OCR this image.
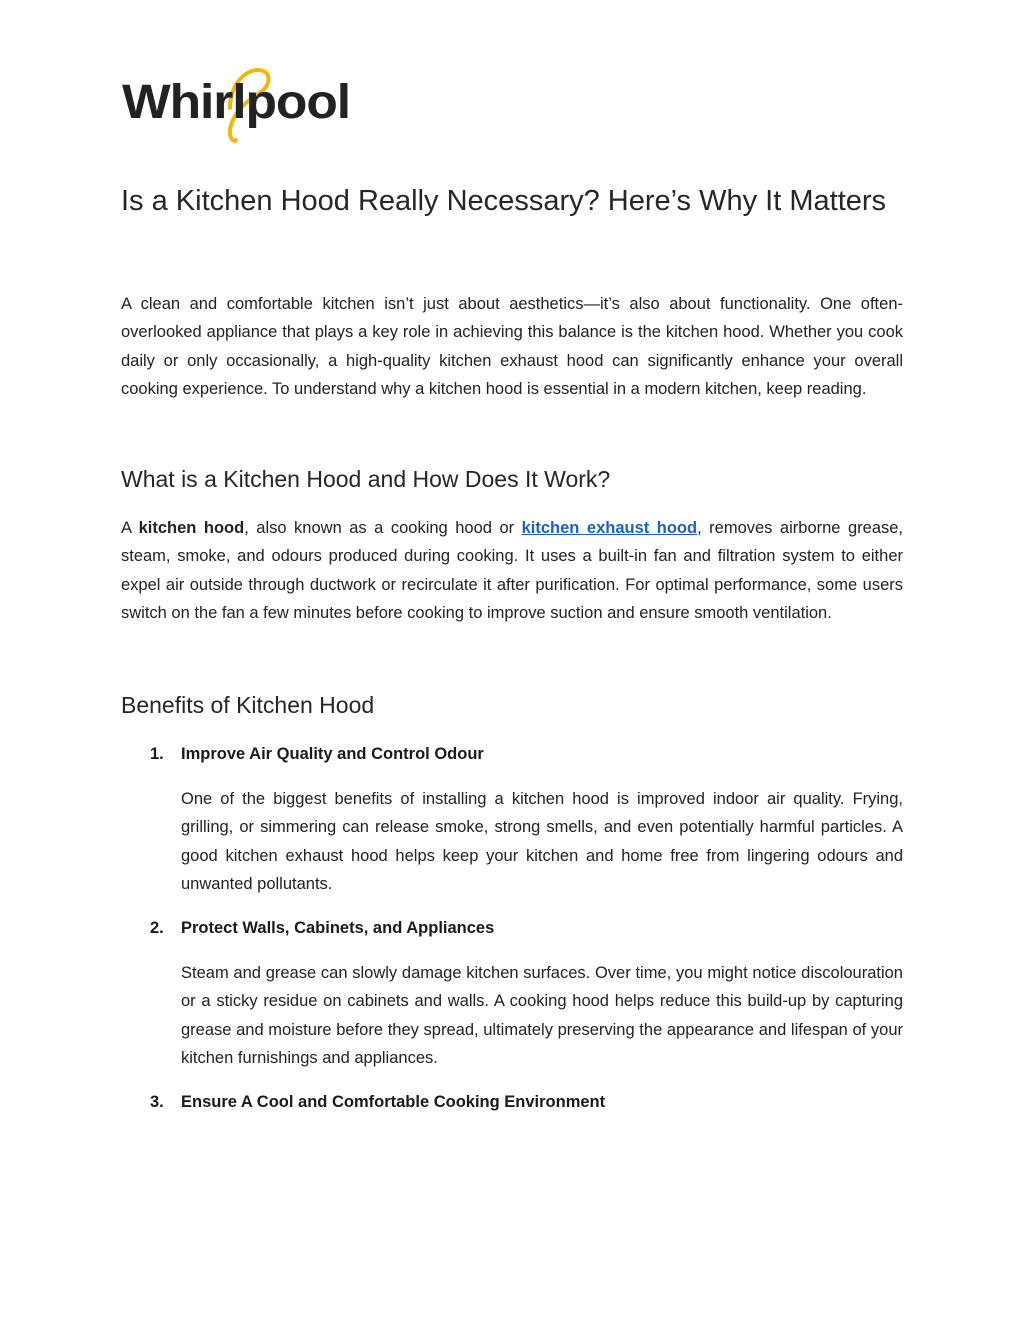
Whirlpool
Is a Kitchen Hood Really Necessary? Here’s Why It Matters

A clean and comfortable kitchen isn’t just about aesthetics—it’s also about functionality. One often-overlooked appliance that plays a key role in achieving this balance is the kitchen hood. Whether you cook daily or only occasionally, a high-quality kitchen exhaust hood can significantly enhance your overall cooking experience. To understand why a kitchen hood is essential in a modern kitchen, keep reading.

What is a Kitchen Hood and How Does It Work?

A kitchen hood, also known as a cooking hood or kitchen exhaust hood, removes airborne grease, steam, smoke, and odours produced during cooking. It uses a built-in fan and filtration system to either expel air outside through ductwork or recirculate it after purification. For optimal performance, some users switch on the fan a few minutes before cooking to improve suction and ensure smooth ventilation.

Benefits of Kitchen Hood

1. Improve Air Quality and Control Odour

One of the biggest benefits of installing a kitchen hood is improved indoor air quality. Frying, grilling, or simmering can release smoke, strong smells, and even potentially harmful particles. A good kitchen exhaust hood helps keep your kitchen and home free from lingering odours and unwanted pollutants.

2. Protect Walls, Cabinets, and Appliances

Steam and grease can slowly damage kitchen surfaces. Over time, you might notice discolouration or a sticky residue on cabinets and walls. A cooking hood helps reduce this build-up by capturing grease and moisture before they spread, ultimately preserving the appearance and lifespan of your kitchen furnishings and appliances.

3. Ensure A Cool and Comfortable Cooking Environment
